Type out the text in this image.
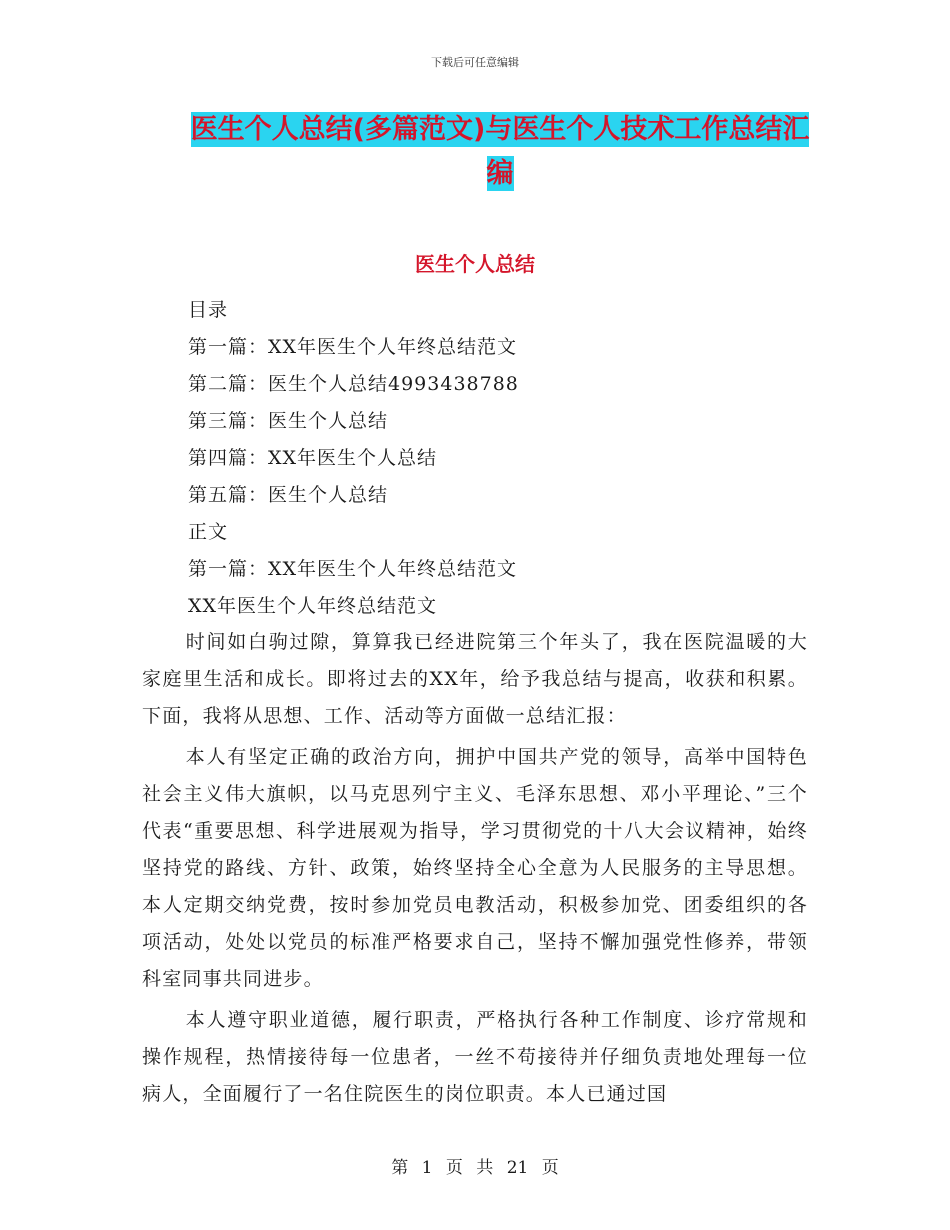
下载后可任意编辑
医生个人总结(多篇范文)与医生个人技术工作总结汇编
医生个人总结
目录
第一篇：XX年医生个人年终总结范文
第二篇：医生个人总结4993438788
第三篇：医生个人总结
第四篇：XX年医生个人总结
第五篇：医生个人总结
正文
第一篇：XX年医生个人年终总结范文
XX年医生个人年终总结范文

时间如白驹过隙，算算我已经进院第三个年头了，我在医院温暖的大家庭里生活和成长。即将过去的XX年，给予我总结与提高，收获和积累。下面，我将从思想、工作、活动等方面做一总结汇报：

本人有坚定正确的政治方向，拥护中国共产党的领导，高举中国特色社会主义伟大旗帜，以马克思列宁主义、毛泽东思想、邓小平理论、”三个代表“重要思想、科学进展观为指导，学习贯彻党的十八大会议精神，始终坚持党的路线、方针、政策，始终坚持全心全意为人民服务的主导思想。本人定期交纳党费，按时参加党员电教活动，积极参加党、团委组织的各项活动，处处以党员的标准严格要求自己，坚持不懈加强党性修养，带领科室同事共同进步。

本人遵守职业道德，履行职责，严格执行各种工作制度、诊疗常规和操作规程，热情接待每一位患者，一丝不苟接待并仔细负责地处理每一位病人，全面履行了一名住院医生的岗位职责。本人已通过国

第 1 页 共 21 页
